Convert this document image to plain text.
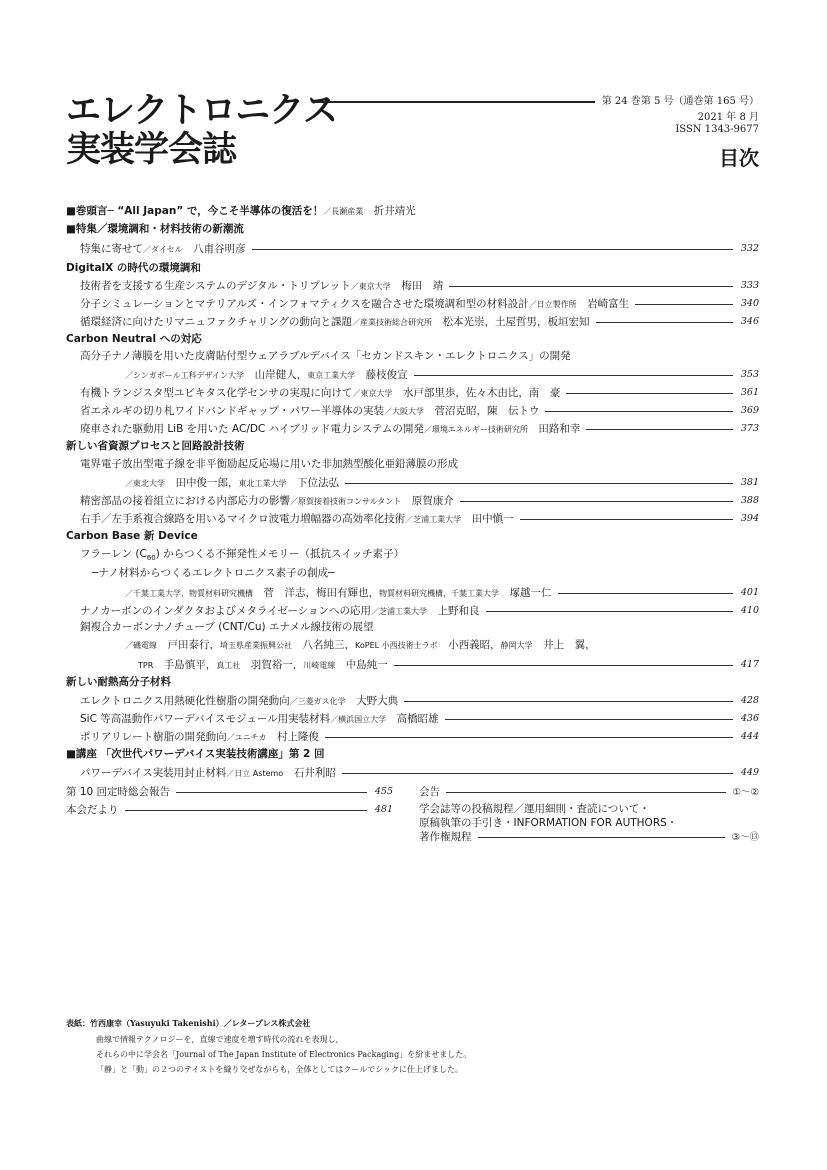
エレクトロニクス
実装学会誌
第 24 巻第 5 号（通巻第 165 号）
2021 年 8 月
ISSN 1343-9677
目次
■巻頭言─ “All Japan” で，今こそ半導体の復活を！／長瀬産業　 折井靖光
■特集／環境調和・材料技術の新潮流
特集に寄せて／ダイセル　 八甫谷明彦	332
DigitalX の時代の環境調和
技術者を支援する生産システムのデジタル・トリプレット／東京大学　 梅田　靖	333
分子シミュレーションとマテリアルズ・インフォマティクスを融合させた環境調和型の材料設計／日立製作所　 岩崎富生	340
循環経済に向けたリマニュファクチャリングの動向と課題／産業技術総合研究所　 松本光崇，土屋哲男，板垣宏知	346
Carbon Neutral への対応
高分子ナノ薄膜を用いた皮膚貼付型ウェアラブルデバイス「セカンドスキン・エレクトロニクス」の開発
／シンガポール工科デザイン大学　 山岸健人，東京工業大学　 藤枝俊宣	353
有機トランジスタ型ユビキタス化学センサの実現に向けて／東京大学　 水戸部里歩，佐々木由比，南　豪	361
省エネルギの切り札ワイドバンドギャップ・パワー半導体の実装／大阪大学　 菅沼克昭，陳　伝トウ	369
廃車された駆動用 LiB を用いた AC/DC ハイブリッド電力システムの開発／環境エネルギー技術研究所　 田路和幸	373
新しい省資源プロセスと回路設計技術
電界電子放出型電子線を非平衡励起反応場に用いた非加熱型酸化亜鉛薄膜の形成
／東北大学　 田中俊一郎，東北工業大学　 下位法弘	381
精密部品の接着組立における内部応力の影響／原賀接着技術コンサルタント　 原賀康介	388
右手／左手系複合線路を用いるマイクロ波電力増幅器の高効率化技術／芝浦工業大学　 田中愼一	394
Carbon Base 新 Device
フラーレン $(C_{60})$ からつくる不揮発性メモリー（抵抗スイッチ素子）
─ナノ材料からつくるエレクトロニクス素子の創成─
／千葉工業大学，物質材料研究機構　 菅　洋志，梅田有輝也，物質材料研究機構，千葉工業大学　 塚越一仁	401
ナノカーボンのインダクタおよびメタライゼーションへの応用／芝浦工業大学　 上野和良	410
銅複合カーボンナノチューブ (CNT/Cu) エナメル線技術の展望
／磯電線　 戸田泰行，埼玉県産業振興公社　 八名純三，KoPEL 小西技術士ラボ　 小西義昭，静岡大学　 井上　翼，
TPR　 手島慎平，真工社　 羽賀裕一，川崎電線　 中島純一	417
新しい耐熱高分子材料
エレクトロニクス用熱硬化性樹脂の開発動向／三菱ガス化学　 大野大典	428
SiC 等高温動作パワーデバイスモジュール用実装材料／横浜国立大学　 高橋昭雄	436
ポリアリレート樹脂の開発動向／ユニチカ　 村上隆俊	444
■講座 「次世代パワーデバイス実装技術講座」第 2 回
パワーデバイス実装用封止材料／日立 Astemo　 石井利昭	449
第 10 回定時総会報告	455
本会だより	481
会告	①～②
学会誌等の投稿規程／運用細則・査読について・
原稿執筆の手引き・INFORMATION FOR AUTHORS・
著作権規程	③～⑬
表紙：竹西康幸（Yasuyuki Takenishi）／レタープレス株式会社
曲線で情報テクノロジーを，直線で速度を増す時代の流れを表現し，
それらの中に学会名「Journal of The Japan Institute of Electronics Packaging」を紛ませました。
「静」と「動」の２つのテイストを織り交ぜながらも，全体としてはクールでシックに仕上げました。
